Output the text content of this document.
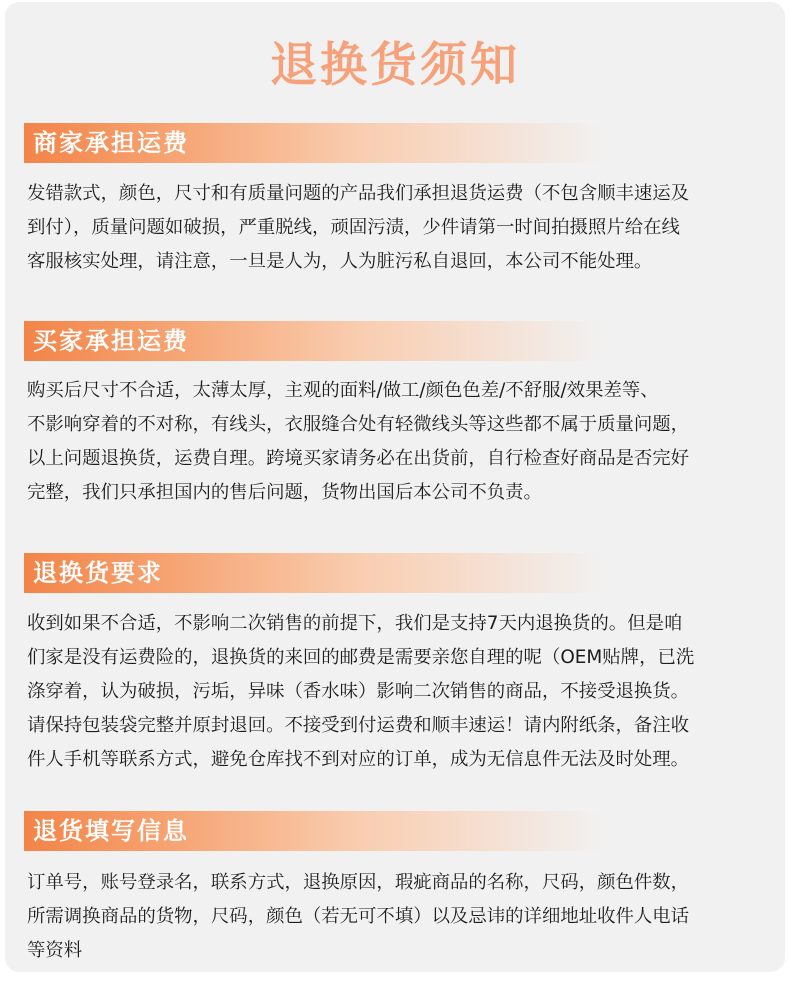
退换货须知
商家承担运费
发错款式，颜色，尺寸和有质量问题的产品我们承担退货运费（不包含顺丰速运及
到付），质量问题如破损，严重脱线，顽固污渍，少件请第一时间拍摄照片给在线
客服核实处理，请注意，一旦是人为，人为脏污私自退回，本公司不能处理。
买家承担运费
购买后尺寸不合适，太薄太厚，主观的面料/做工/颜色色差/不舒服/效果差等、
不影响穿着的不对称，有线头，衣服缝合处有轻微线头等这些都不属于质量问题，
以上问题退换货，运费自理。跨境买家请务必在出货前，自行检查好商品是否完好
完整，我们只承担国内的售后问题，货物出国后本公司不负责。
退换货要求
收到如果不合适，不影响二次销售的前提下，我们是支持7天内退换货的。但是咱
们家是没有运费险的，退换货的来回的邮费是需要亲您自理的呢（OEM贴牌，已洗
涤穿着，认为破损，污垢，异味（香水味）影响二次销售的商品，不接受退换货。
请保持包装袋完整并原封退回。不接受到付运费和顺丰速运！请内附纸条，备注收
件人手机等联系方式，避免仓库找不到对应的订单，成为无信息件无法及时处理。
退货填写信息
订单号，账号登录名，联系方式，退换原因，瑕疵商品的名称，尺码，颜色件数，
所需调换商品的货物，尺码，颜色（若无可不填）以及忌讳的详细地址收件人电话
等资料
